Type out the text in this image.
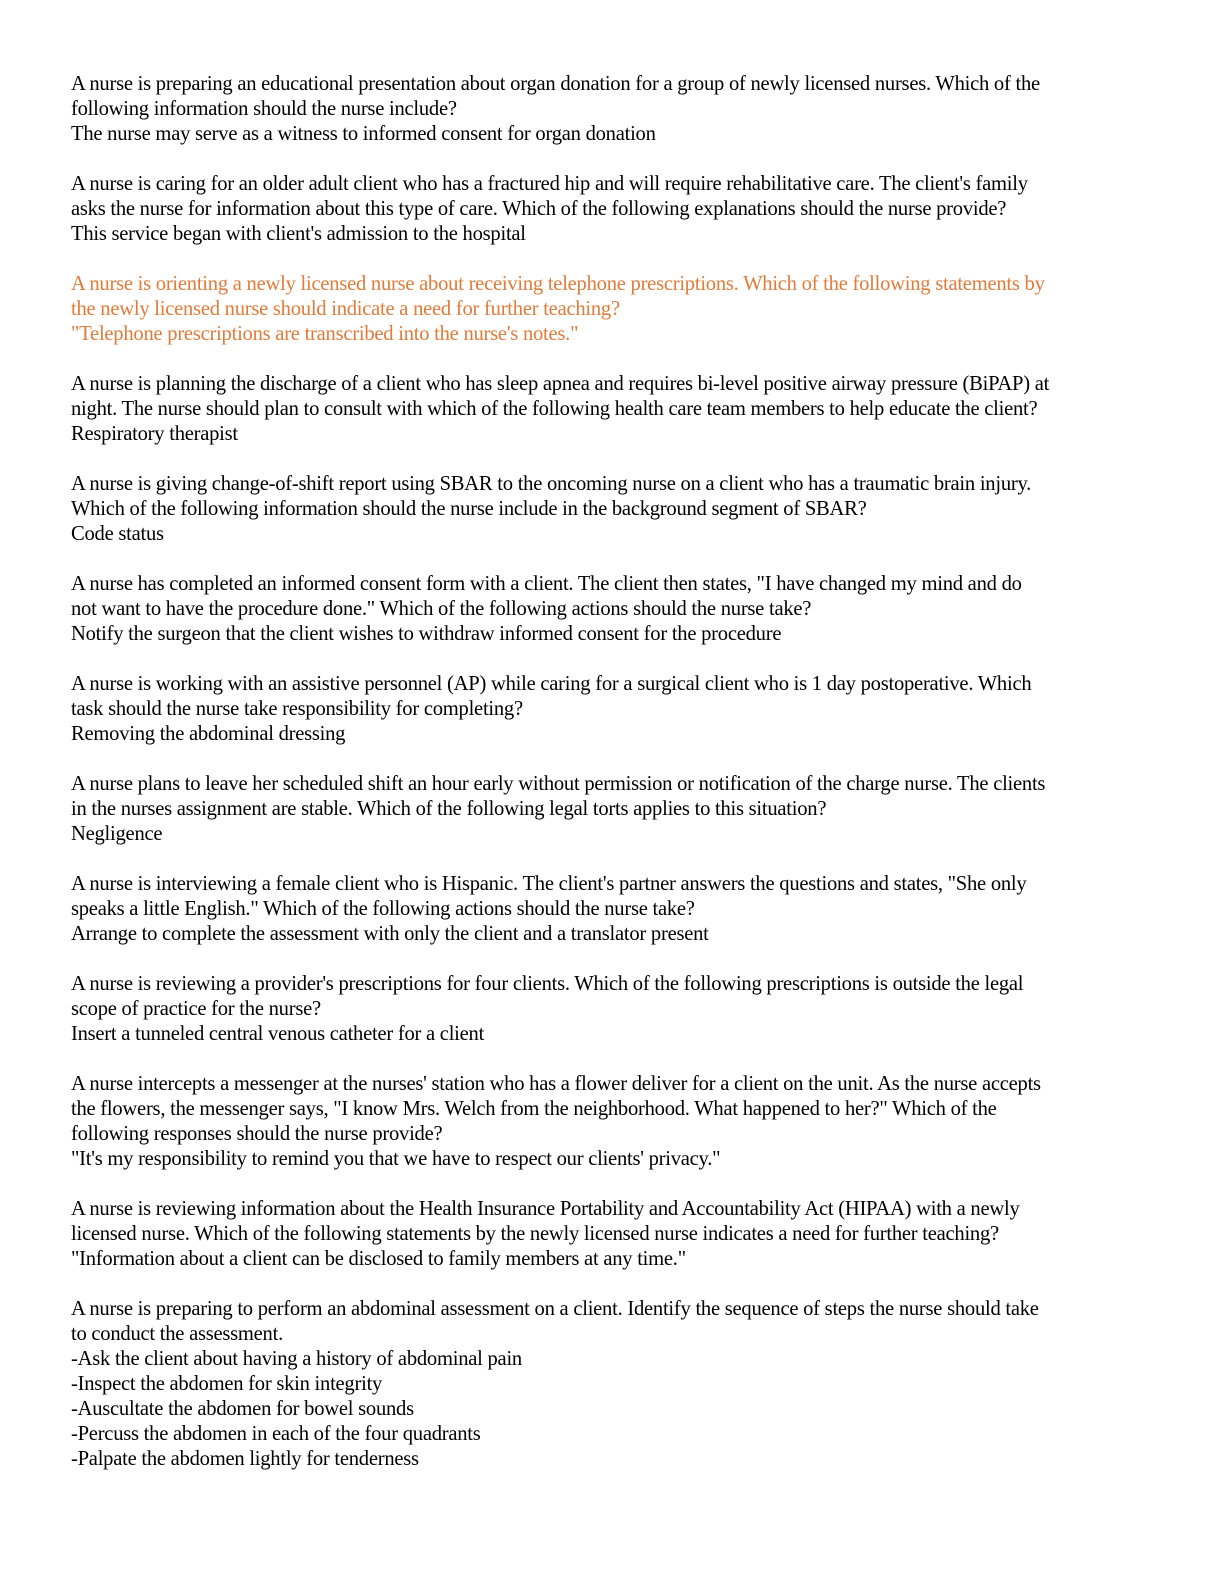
A nurse is preparing an educational presentation about organ donation for a group of newly licensed nurses. Which of the
following information should the nurse include?
The nurse may serve as a witness to informed consent for organ donation
A nurse is caring for an older adult client who has a fractured hip and will require rehabilitative care. The client's family
asks the nurse for information about this type of care. Which of the following explanations should the nurse provide?
This service began with client's admission to the hospital
A nurse is orienting a newly licensed nurse about receiving telephone prescriptions. Which of the following statements by
the newly licensed nurse should indicate a need for further teaching?
"Telephone prescriptions are transcribed into the nurse's notes."
A nurse is planning the discharge of a client who has sleep apnea and requires bi-level positive airway pressure (BiPAP) at
night. The nurse should plan to consult with which of the following health care team members to help educate the client?
Respiratory therapist
A nurse is giving change-of-shift report using SBAR to the oncoming nurse on a client who has a traumatic brain injury.
Which of the following information should the nurse include in the background segment of SBAR?
Code status
A nurse has completed an informed consent form with a client. The client then states, "I have changed my mind and do
not want to have the procedure done." Which of the following actions should the nurse take?
Notify the surgeon that the client wishes to withdraw informed consent for the procedure
A nurse is working with an assistive personnel (AP) while caring for a surgical client who is 1 day postoperative. Which
task should the nurse take responsibility for completing?
Removing the abdominal dressing
A nurse plans to leave her scheduled shift an hour early without permission or notification of the charge nurse. The clients
in the nurses assignment are stable. Which of the following legal torts applies to this situation?
Negligence
A nurse is interviewing a female client who is Hispanic. The client's partner answers the questions and states, "She only
speaks a little English." Which of the following actions should the nurse take?
Arrange to complete the assessment with only the client and a translator present
A nurse is reviewing a provider's prescriptions for four clients. Which of the following prescriptions is outside the legal
scope of practice for the nurse?
Insert a tunneled central venous catheter for a client
A nurse intercepts a messenger at the nurses' station who has a flower deliver for a client on the unit. As the nurse accepts
the flowers, the messenger says, "I know Mrs. Welch from the neighborhood. What happened to her?" Which of the
following responses should the nurse provide?
"It's my responsibility to remind you that we have to respect our clients' privacy."
A nurse is reviewing information about the Health Insurance Portability and Accountability Act (HIPAA) with a newly
licensed nurse. Which of the following statements by the newly licensed nurse indicates a need for further teaching?
"Information about a client can be disclosed to family members at any time."
A nurse is preparing to perform an abdominal assessment on a client. Identify the sequence of steps the nurse should take
to conduct the assessment.
-Ask the client about having a history of abdominal pain
-Inspect the abdomen for skin integrity
-Auscultate the abdomen for bowel sounds
-Percuss the abdomen in each of the four quadrants
-Palpate the abdomen lightly for tenderness
